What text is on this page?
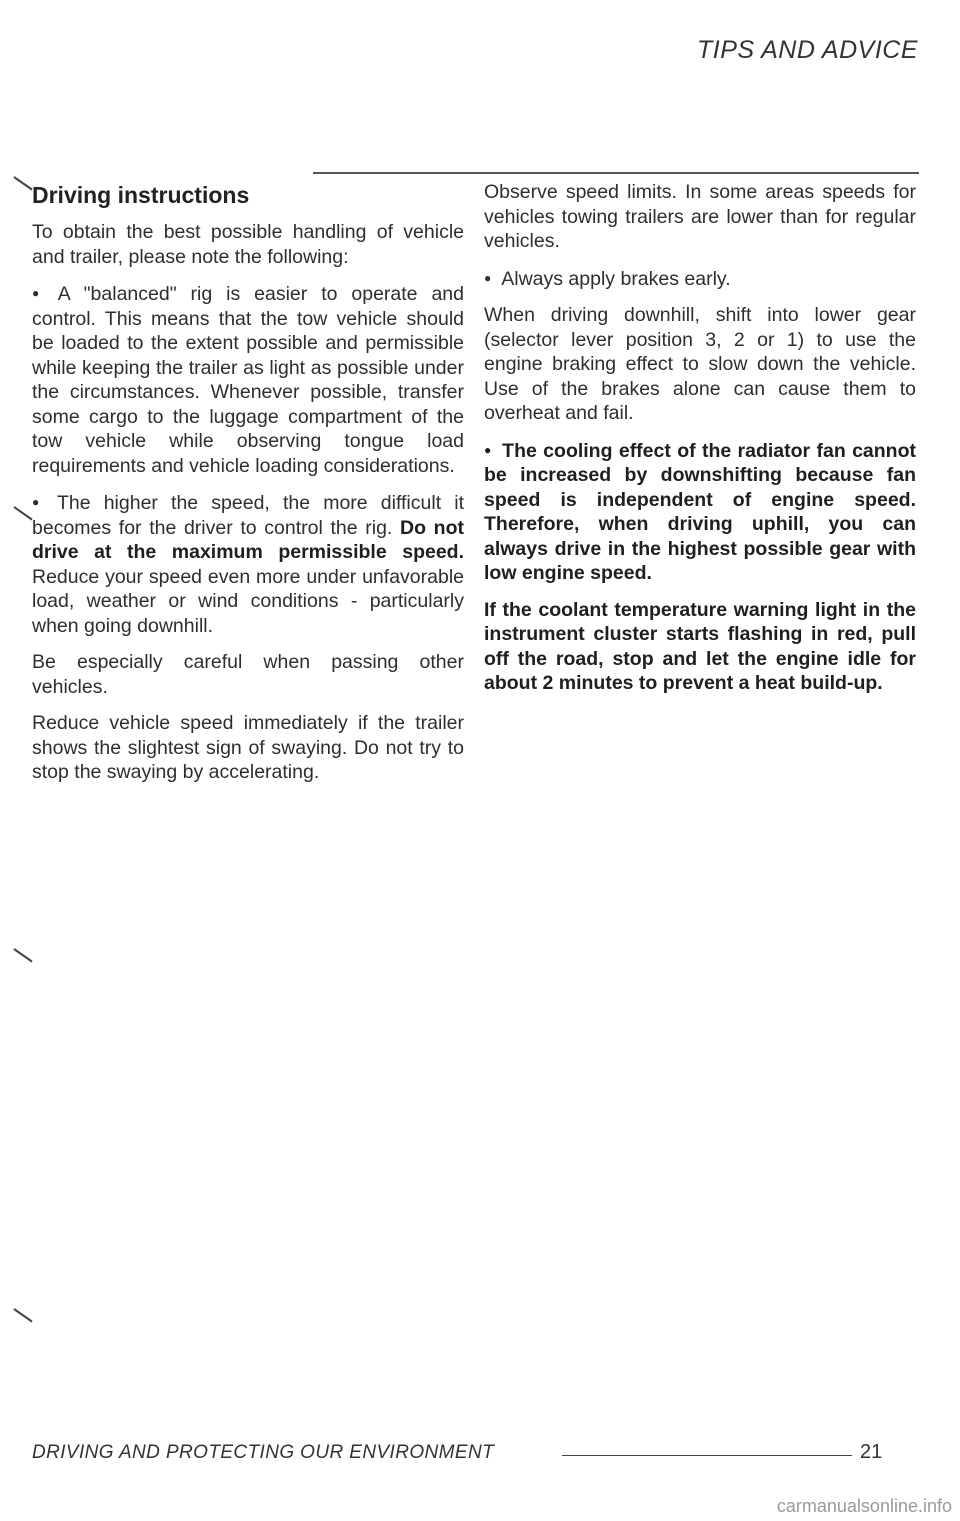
TIPS AND ADVICE
Driving instructions

To obtain the best possible handling of vehicle and trailer, please note the following:

● A "balanced" rig is easier to operate and control. This means that the tow vehicle should be loaded to the extent possible and permissible while keeping the trailer as light as possible under the circumstances. Whenever possible, transfer some cargo to the luggage compartment of the tow vehicle while observing tongue load requirements and vehicle loading considerations.

● The higher the speed, the more difficult it becomes for the driver to control the rig. Do not drive at the maximum permissible speed. Reduce your speed even more under unfavorable load, weather or wind conditions - particularly when going downhill.

Be especially careful when passing other vehicles.

Reduce vehicle speed immediately if the trailer shows the slightest sign of swaying. Do not try to stop the swaying by accelerating.

Observe speed limits. In some areas speeds for vehicles towing trailers are lower than for regular vehicles.

● Always apply brakes early.

When driving downhill, shift into lower gear (selector lever position 3, 2 or 1) to use the engine braking effect to slow down the vehicle. Use of the brakes alone can cause them to overheat and fail.

● The cooling effect of the radiator fan cannot be increased by downshifting because fan speed is independent of engine speed. Therefore, when driving uphill, you can always drive in the highest possible gear with low engine speed.

If the coolant temperature warning light in the instrument cluster starts flashing in red, pull off the road, stop and let the engine idle for about 2 minutes to prevent a heat build-up.

DRIVING AND PROTECTING OUR ENVIRONMENT	21
carmanualsonline.info
